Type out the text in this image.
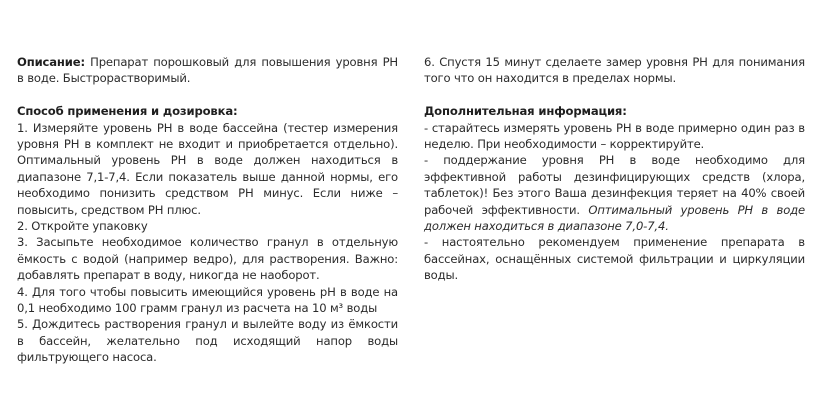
Описание: Препарат порошковый для повышения уровня РН в воде. Быстрорастворимый.

Способ применения и дозировка:

1. Измеряйте уровень РН в воде бассейна (тестер измерения уровня РН в комплект не входит и приобретается отдельно). Оптимальный уровень РН в воде должен находиться в диапазоне 7,1-7,4. Если показатель выше данной нормы, его необходимо понизить средством РН минус. Если ниже – повысить, средством РН плюс.

2. Откройте упаковку

3. Засыпьте необходимое количество гранул в отдельную ёмкость с водой (например ведро), для растворения. Важно: добавлять препарат в воду, никогда не наоборот.

4. Для того чтобы повысить имеющийся уровень pH в воде на 0,1 необходимо 100 грамм гранул из расчета на 10 м³ воды

5. Дождитесь растворения гранул и вылейте воду из ёмкости в бассейн, желательно под исходящий напор воды фильтрующего насоса.

6. Спустя 15 минут сделаете замер уровня РН для понимания того что он находится в пределах нормы.

Дополнительная информация:

- старайтесь измерять уровень РН в воде примерно один раз в неделю. При необходимости – корректируйте.

- поддержание уровня РН в воде необходимо для эффективной работы дезинфицирующих средств (хлора, таблеток)! Без этого Ваша дезинфекция теряет на 40% своей рабочей эффективности. Оптимальный уровень РН в воде должен находиться в диапазоне 7,0-7,4.

- настоятельно рекомендуем применение препарата в бассейнах, оснащённых системой фильтрации и циркуляции воды.
